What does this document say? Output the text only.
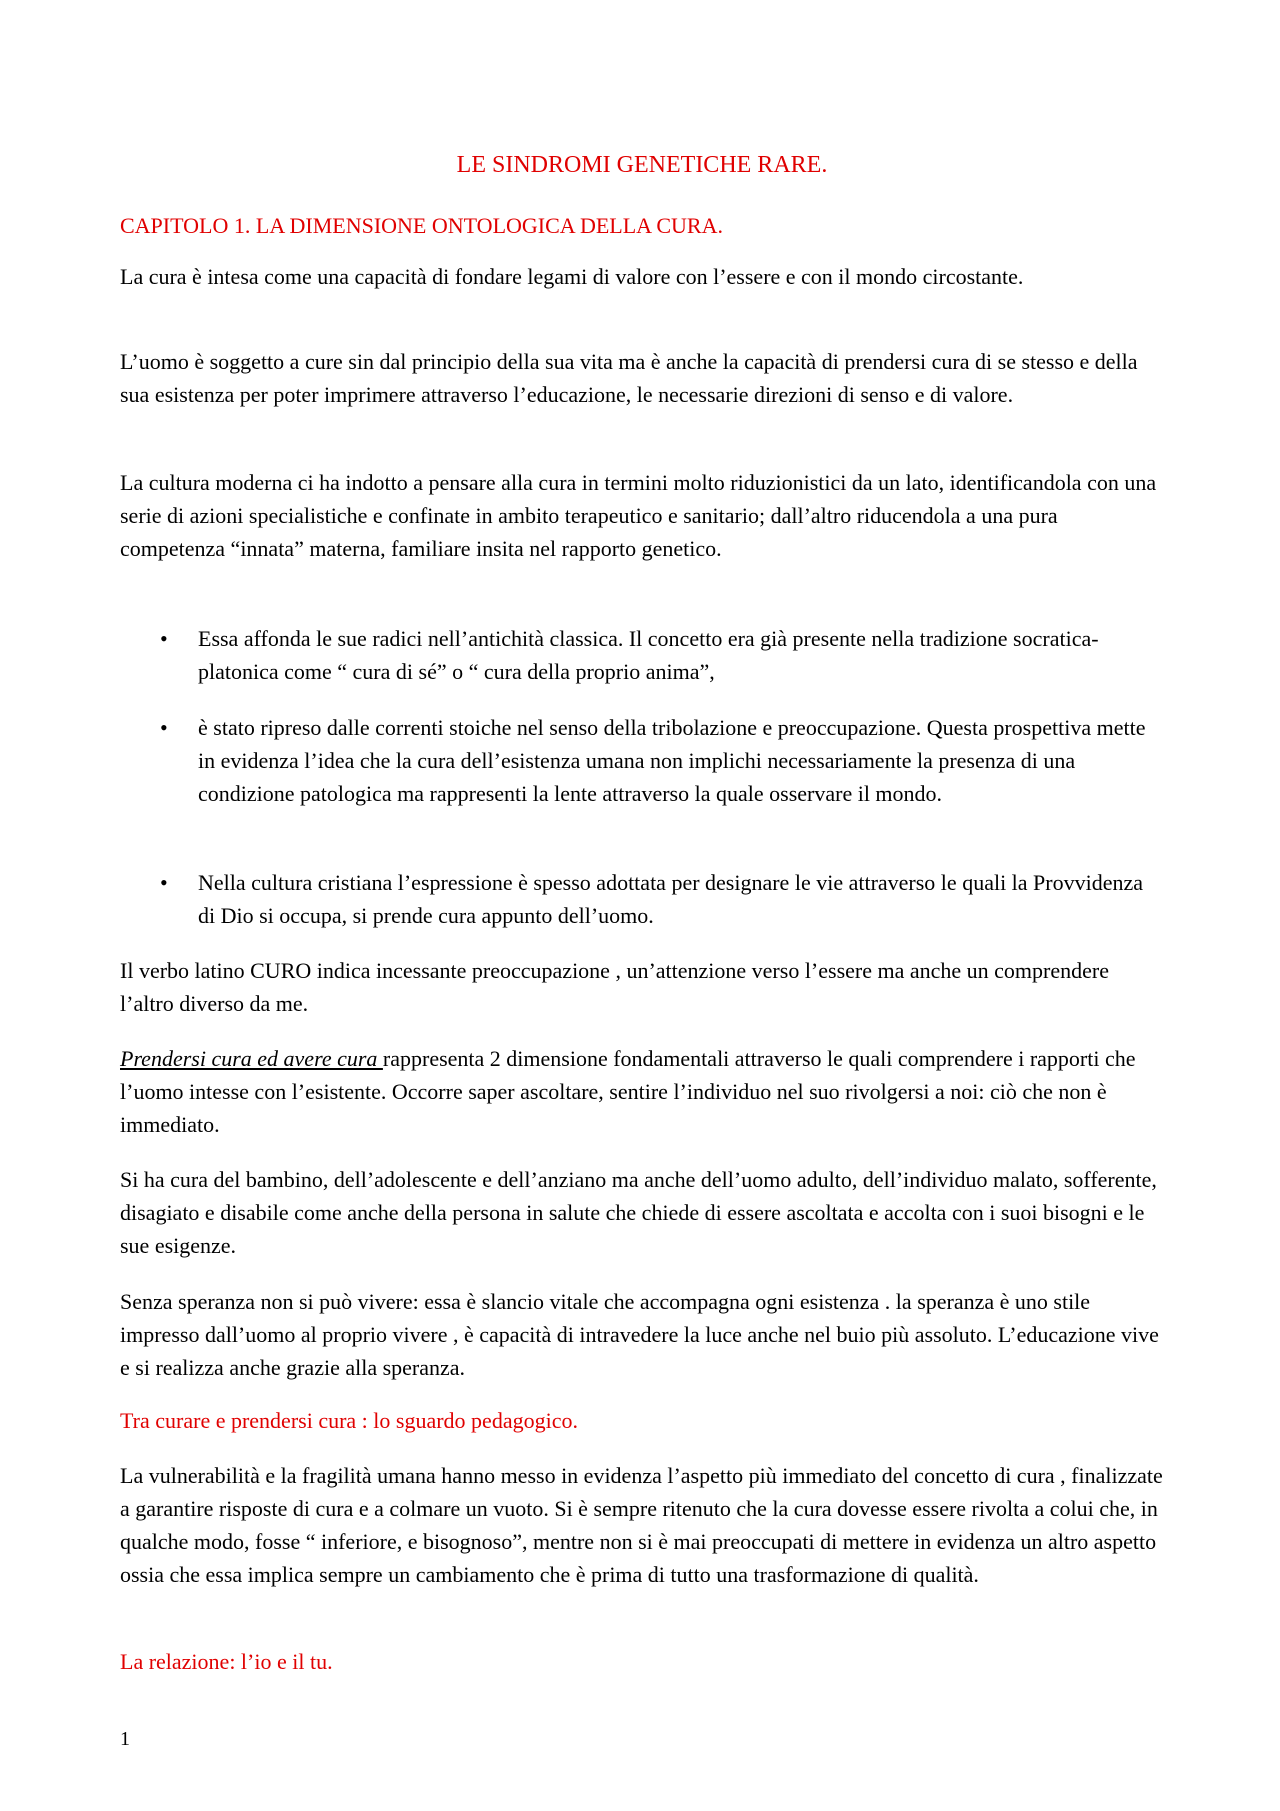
LE SINDROMI GENETICHE RARE.
CAPITOLO 1. LA DIMENSIONE ONTOLOGICA DELLA CURA.

La cura è intesa come una capacità di fondare legami di valore con l’essere e con il mondo circostante.

L’uomo è soggetto a cure sin dal principio della sua vita ma è anche la capacità di prendersi cura di se stesso e della sua esistenza per poter imprimere attraverso l’educazione, le necessarie direzioni di senso e di valore.

La cultura moderna ci ha indotto a pensare alla cura in termini molto riduzionistici da un lato, identificandola con una serie di azioni specialistiche e confinate in ambito terapeutico e sanitario; dall’altro riducendola a una pura competenza “innata” materna, familiare insita nel rapporto genetico.

• Essa affonda le sue radici nell’antichità classica. Il concetto era già presente nella tradizione socratica-platonica come “ cura di sé” o “ cura della proprio anima”,

• è stato ripreso dalle correnti stoiche nel senso della tribolazione e preoccupazione. Questa prospettiva mette in evidenza l’idea che la cura dell’esistenza umana non implichi necessariamente la presenza di una condizione patologica ma rappresenti la lente attraverso la quale osservare il mondo.

• Nella cultura cristiana l’espressione è spesso adottata per designare le vie attraverso le quali la Provvidenza di Dio si occupa, si prende cura appunto dell’uomo.

Il verbo latino CURO indica incessante preoccupazione , un’attenzione verso l’essere ma anche un comprendere l’altro diverso da me.

Prendersi cura ed avere cura rappresenta 2 dimensione fondamentali attraverso le quali comprendere i rapporti che l’uomo intesse con l’esistente. Occorre saper ascoltare, sentire l’individuo nel suo rivolgersi a noi: ciò che non è immediato.

Si ha cura del bambino, dell’adolescente e dell’anziano ma anche dell’uomo adulto, dell’individuo malato, sofferente, disagiato e disabile come anche della persona in salute che chiede di essere ascoltata e accolta con i suoi bisogni e le sue esigenze.

Senza speranza non si può vivere: essa è slancio vitale che accompagna ogni esistenza . la speranza è uno stile impresso dall’uomo al proprio vivere , è capacità di intravedere la luce anche nel buio più assoluto. L’educazione vive e si realizza anche grazie alla speranza.

Tra curare e prendersi cura : lo sguardo pedagogico.

La vulnerabilità e la fragilità umana hanno messo in evidenza l’aspetto più immediato del concetto di cura , finalizzate a garantire risposte di cura e a colmare un vuoto. Si è sempre ritenuto che la cura dovesse essere rivolta a colui che, in qualche modo, fosse “ inferiore, e bisognoso”, mentre non si è mai preoccupati di mettere in evidenza un altro aspetto ossia che essa implica sempre un cambiamento che è prima di tutto una trasformazione di qualità.

La relazione: l’io e il tu.

1
